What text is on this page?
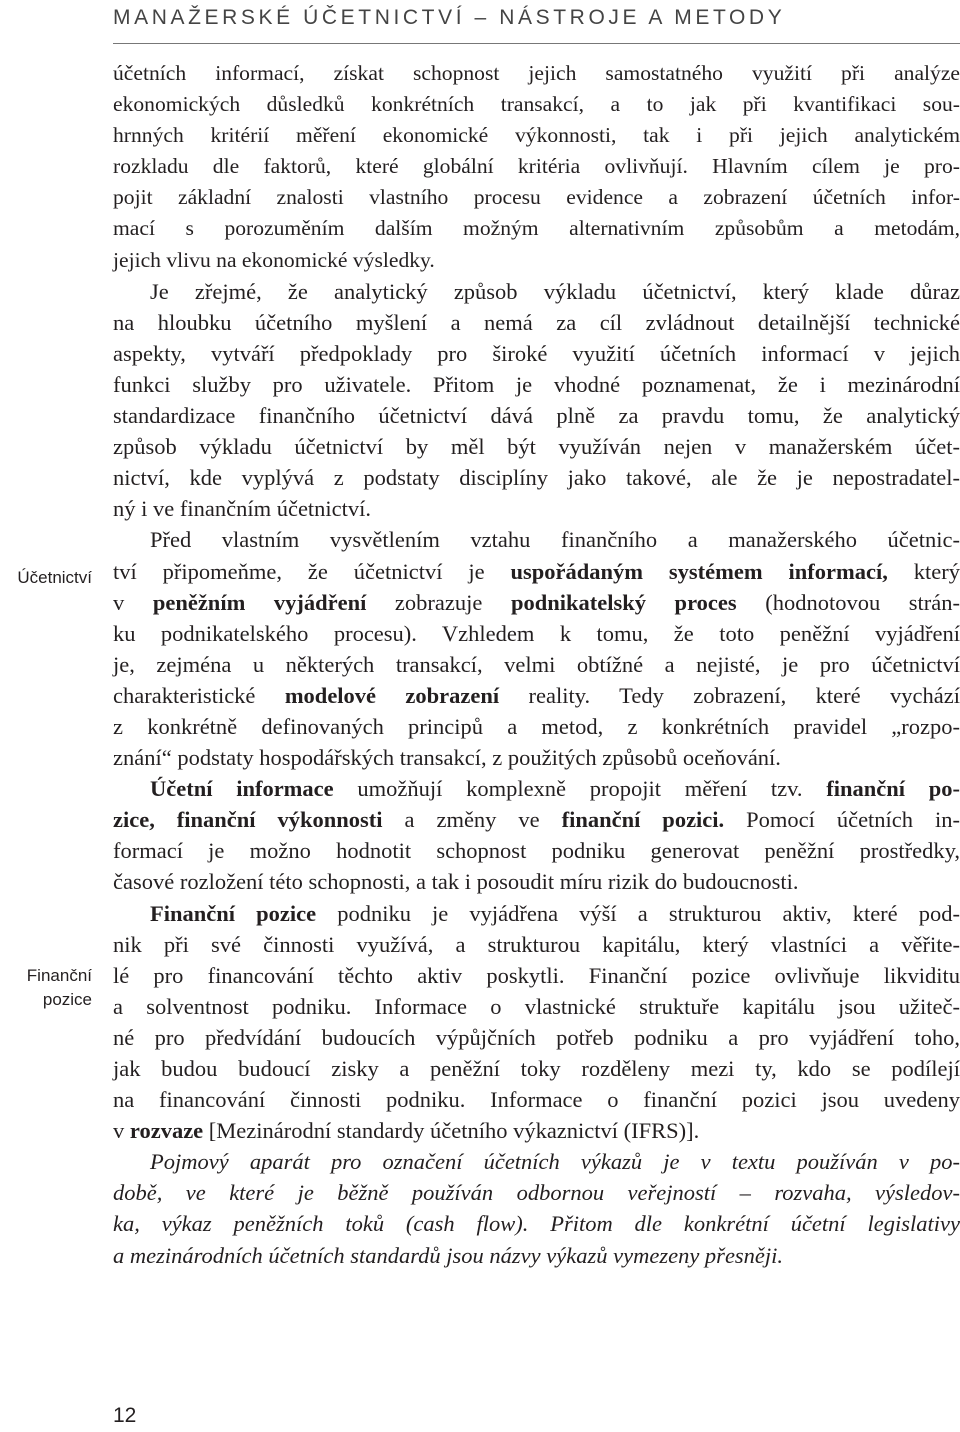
MANAŽERSKÉ ÚČETNICTVÍ – NÁSTROJE A METODY
Účetnictví
Finanční
pozice
účetních informací, získat schopnost jejich samostatného využití při analýze
ekonomických důsledků konkrétních transakcí, a to jak při kvantifikaci sou-
hrnných kritérií měření ekonomické výkonnosti, tak i při jejich analytickém
rozkladu dle faktorů, které globální kritéria ovlivňují. Hlavním cílem je pro-
pojit základní znalosti vlastního procesu evidence a zobrazení účetních infor-
mací s porozuměním dalším možným alternativním způsobům a metodám,
jejich vlivu na ekonomické výsledky.
Je zřejmé, že analytický způsob výkladu účetnictví, který klade důraz
na hloubku účetního myšlení a nemá za cíl zvládnout detailnější technické
aspekty, vytváří předpoklady pro široké využití účetních informací v jejich
funkci služby pro uživatele. Přitom je vhodné poznamenat, že i mezinárodní
standardizace finančního účetnictví dává plně za pravdu tomu, že analytický
způsob výkladu účetnictví by měl být využíván nejen v manažerském účet-
nictví, kde vyplývá z podstaty disciplíny jako takové, ale že je nepostradatel-
ný i ve finančním účetnictví.
Před vlastním vysvětlením vztahu finančního a manažerského účetnic-
tví připomeňme, že účetnictví je uspořádaným systémem informací, který
v peněžním vyjádření zobrazuje podnikatelský proces (hodnotovou strán-
ku podnikatelského procesu). Vzhledem k tomu, že toto peněžní vyjádření
je, zejména u některých transakcí, velmi obtížné a nejisté, je pro účetnictví
charakteristické modelové zobrazení reality. Tedy zobrazení, které vychází
z konkrétně definovaných principů a metod, z konkrétních pravidel „rozpo-
znání“ podstaty hospodářských transakcí, z použitých způsobů oceňování.
Účetní informace umožňují komplexně propojit měření tzv. finanční po-
zice, finanční výkonnosti a změny ve finanční pozici. Pomocí účetních in-
formací je možno hodnotit schopnost podniku generovat peněžní prostředky,
časové rozložení této schopnosti, a tak i posoudit míru rizik do budoucnosti.
Finanční pozice podniku je vyjádřena výší a strukturou aktiv, které pod-
nik při své činnosti využívá, a strukturou kapitálu, který vlastníci a věřite-
lé pro financování těchto aktiv poskytli. Finanční pozice ovlivňuje likviditu
a solventnost podniku. Informace o vlastnické struktuře kapitálu jsou užiteč-
né pro předvídání budoucích výpůjčních potřeb podniku a pro vyjádření toho,
jak budou budoucí zisky a peněžní toky rozděleny mezi ty, kdo se podílejí
na financování činnosti podniku. Informace o finanční pozici jsou uvedeny
v rozvaze [Mezinárodní standardy účetního výkaznictví (IFRS)].
Pojmový aparát pro označení účetních výkazů je v textu používán v po-
době, ve které je běžně používán odbornou veřejností – rozvaha, výsledov-
ka, výkaz peněžních toků (cash flow). Přitom dle konkrétní účetní legislativy
a mezinárodních účetních standardů jsou názvy výkazů vymezeny přesněji.
12
